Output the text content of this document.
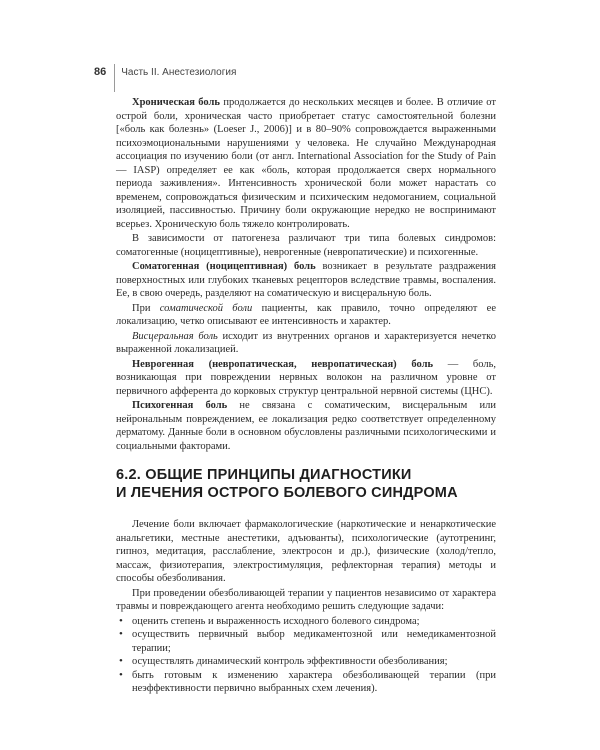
86 Часть II. Анестезиология

Хроническая боль продолжается до нескольких месяцев и более. В отличие от острой боли, хроническая часто приобретает статус самостоятельной болезни [«боль как болезнь» (Loeser J., 2006)] и в 80–90% сопровождается выраженными психоэмоциональными нарушениями у человека. Не случайно Международная ассоциация по изучению боли (от англ. International Association for the Study of Pain — IASP) определяет ее как «боль, которая продолжается сверх нормального периода заживления». Интенсивность хронической боли может нарастать со временем, сопровождаться физическим и психическим недомоганием, социальной изоляцией, пассивностью. Причину боли окружающие нередко не воспринимают всерьез. Хроническую боль тяжело контролировать.

В зависимости от патогенеза различают три типа болевых синдромов: соматогенные (ноцицептивные), неврогенные (невропатические) и психогенные.

Соматогенная (ноцицептивная) боль возникает в результате раздражения поверхностных или глубоких тканевых рецепторов вследствие травмы, воспаления. Ее, в свою очередь, разделяют на соматическую и висцеральную боль.

При соматической боли пациенты, как правило, точно определяют ее локализацию, четко описывают ее интенсивность и характер.

Висцеральная боль исходит из внутренних органов и характеризуется нечетко выраженной локализацией.

Неврогенная (невропатическая, невропатическая) боль — боль, возникающая при повреждении нервных волокон на различном уровне от первичного афферента до корковых структур центральной нервной системы (ЦНС).

Психогенная боль не связана с соматическим, висцеральным или нейрональным повреждением, ее локализация редко соответствует определенному дерматому. Данные боли в основном обусловлены различными психологическими и социальными факторами.

6.2. ОБЩИЕ ПРИНЦИПЫ ДИАГНОСТИКИ
И ЛЕЧЕНИЯ ОСТРОГО БОЛЕВОГО СИНДРОМА

Лечение боли включает фармакологические (наркотические и ненаркотические анальгетики, местные анестетики, адъюванты), психологические (аутотренинг, гипноз, медитация, расслабление, электросон и др.), физические (холод/тепло, массаж, физиотерапия, электростимуляция, рефлекторная терапия) методы и способы обезболивания.

При проведении обезболивающей терапии у пациентов независимо от характера травмы и повреждающего агента необходимо решить следующие задачи:

• оценить степень и выраженность исходного болевого синдрома;
• осуществить первичный выбор медикаментозной или немедикаментозной терапии;
• осуществлять динамический контроль эффективности обезболивания;
• быть готовым к изменению характера обезболивающей терапии (при неэффективности первично выбранных схем лечения).
